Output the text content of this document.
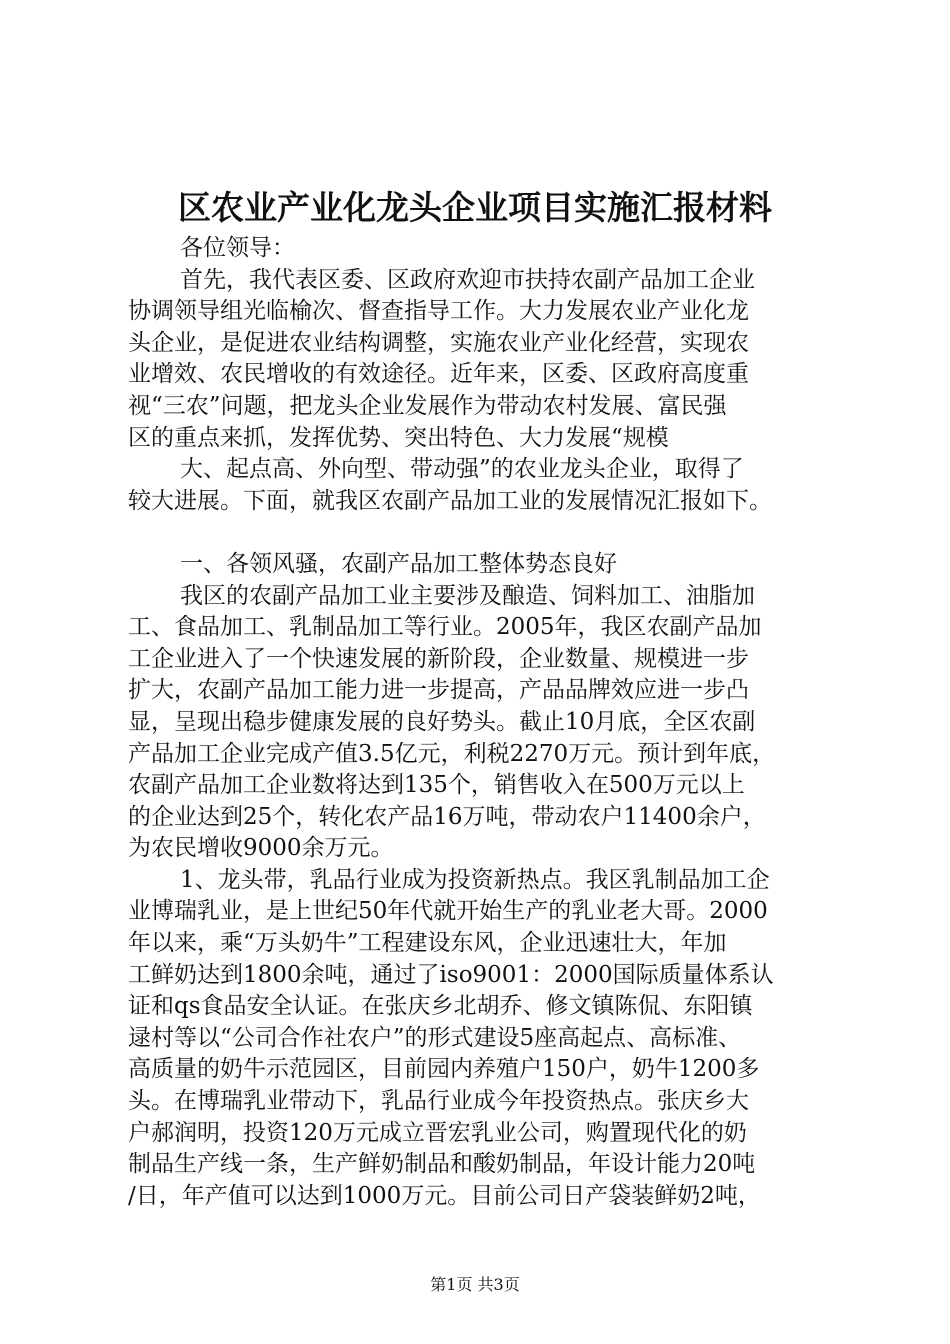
区农业产业化龙头企业项目实施汇报材料
各位领导：
首先，我代表区委、区政府欢迎市扶持农副产品加工企业
协调领导组光临榆次、督查指导工作。大力发展农业产业化龙
头企业，是促进农业结构调整，实施农业产业化经营，实现农
业增效、农民增收的有效途径。近年来，区委、区政府高度重
视“三农”问题，把龙头企业发展作为带动农村发展、富民强
区的重点来抓，发挥优势、突出特色、大力发展“规模
大、起点高、外向型、带动强”的农业龙头企业，取得了
较大进展。下面，就我区农副产品加工业的发展情况汇报如下。
一、各领风骚，农副产品加工整体势态良好
我区的农副产品加工业主要涉及酿造、饲料加工、油脂加
工、食品加工、乳制品加工等行业。2005年，我区农副产品加
工企业进入了一个快速发展的新阶段，企业数量、规模进一步
扩大，农副产品加工能力进一步提高，产品品牌效应进一步凸
显，呈现出稳步健康发展的良好势头。截止10月底，全区农副
产品加工企业完成产值3.5亿元，利税2270万元。预计到年底，
农副产品加工企业数将达到135个，销售收入在500万元以上
的企业达到25个，转化农产品16万吨，带动农户11400余户，
为农民增收9000余万元。
1、龙头带，乳品行业成为投资新热点。我区乳制品加工企
业博瑞乳业，是上世纪50年代就开始生产的乳业老大哥。2000
年以来，乘“万头奶牛”工程建设东风，企业迅速壮大，年加
工鲜奶达到1800余吨，通过了iso9001：2000国际质量体系认
证和qs食品安全认证。在张庆乡北胡乔、修文镇陈侃、东阳镇
逯村等以“公司合作社农户”的形式建设5座高起点、高标准、
高质量的奶牛示范园区，目前园内养殖户150户，奶牛1200多
头。在博瑞乳业带动下，乳品行业成今年投资热点。张庆乡大
户郝润明，投资120万元成立晋宏乳业公司，购置现代化的奶
制品生产线一条，生产鲜奶制品和酸奶制品，年设计能力20吨
/日，年产值可以达到1000万元。目前公司日产袋装鲜奶2吨，
第1页 共3页
